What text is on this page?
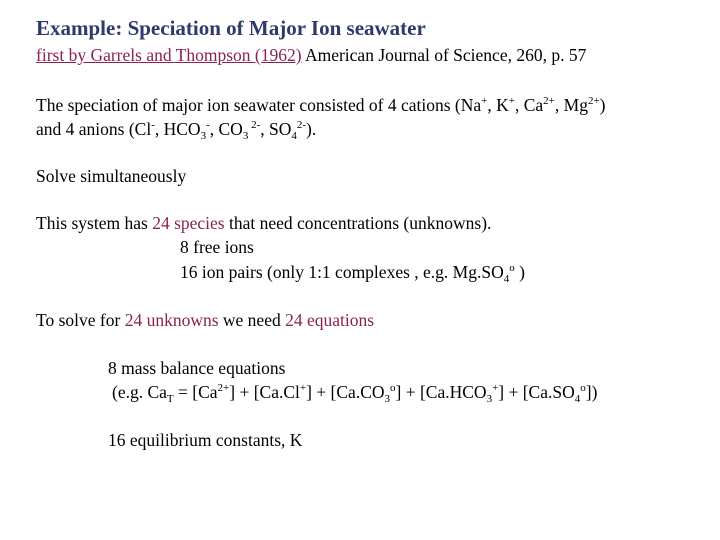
Example: Speciation of Major Ion seawater
first by Garrels and Thompson (1962) American Journal of Science, 260, p. 57
The speciation of major ion seawater consisted of 4 cations (Na+, K+, $Ca^{2+}$, $Mg^{2+}$)
and 4 anions (Cl-, $HCO_3^-$, $CO_3$ $^{2-}$, $SO_4^{2-}$).
Solve simultaneously
This system has 24 species that need concentrations (unknowns).
8 free ions
16 ion pairs (only 1:1 complexes , e.g. $Mg.SO_4^o$ )
To solve for 24 unknowns we need 24 equations
8 mass balance equations
(e.g. $Ca_T = [Ca^{2+}] + [Ca.Cl^+] + [Ca.CO_3^o] + [Ca.HCO_3^+] + [Ca.SO_4^o]$)
16 equilibrium constants, K
